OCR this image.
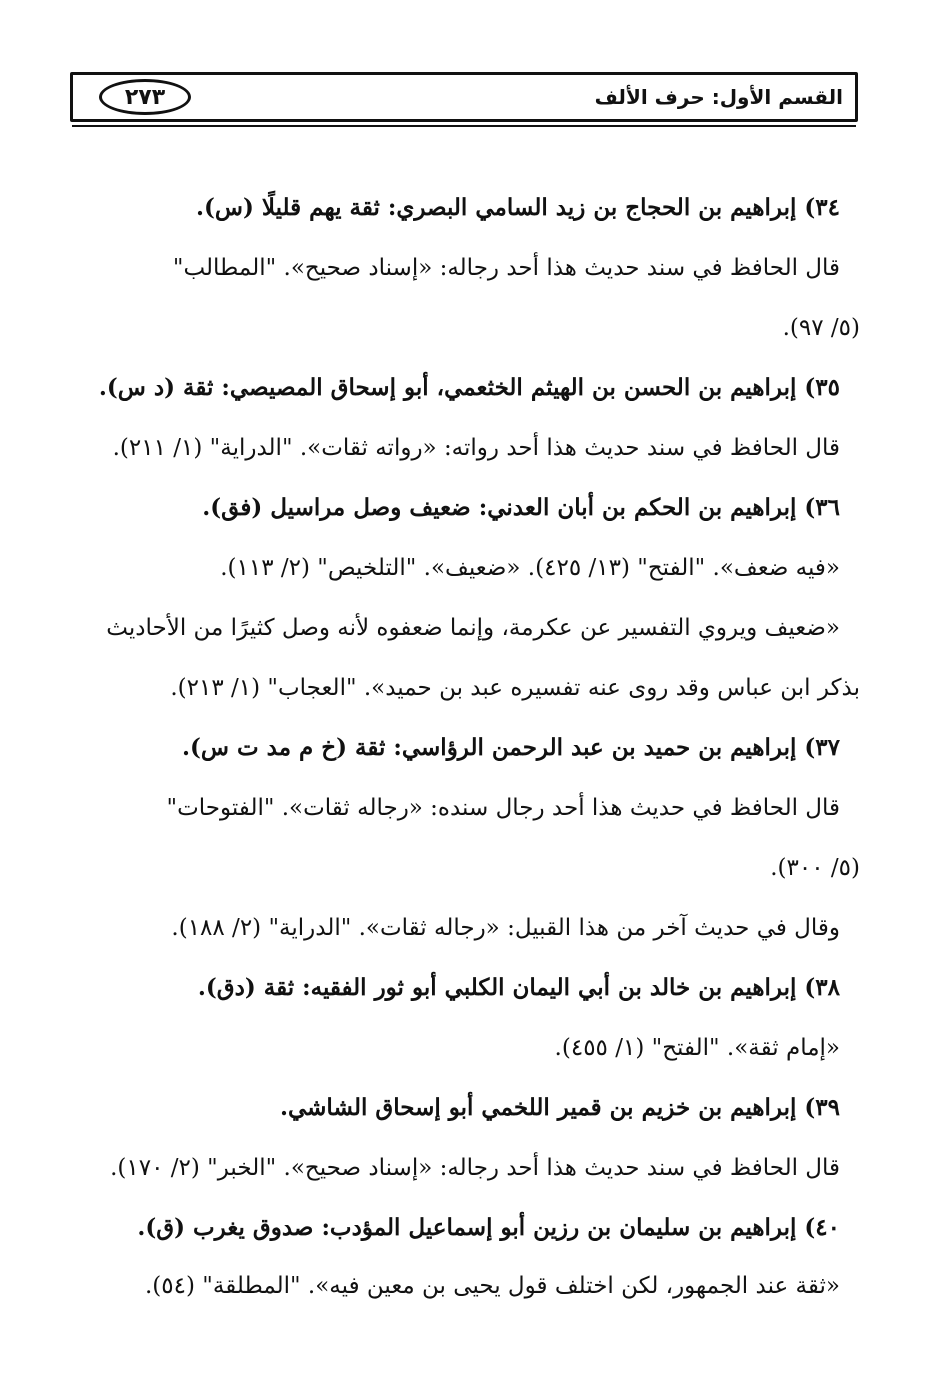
٢٧٣	القسم الأول: حرف الألف
٣٤) إبراهيم بن الحجاج بن زيد السامي البصري: ثقة يهم قليلًا (س).
قال الحافظ في سند حديث هذا أحد رجاله: «إسناد صحيح». "المطالب"
(٥/ ٩٧).
٣٥) إبراهيم بن الحسن بن الهيثم الخثعمي، أبو إسحاق المصيصي: ثقة (د س).
قال الحافظ في سند حديث هذا أحد رواته: «رواته ثقات». "الدراية" (١/ ٢١١).
٣٦) إبراهيم بن الحكم بن أبان العدني: ضعيف وصل مراسيل (فق).
«فيه ضعف». "الفتح" (١٣/ ٤٢٥). «ضعيف». "التلخيص" (٢/ ١١٣).
«ضعيف ويروي التفسير عن عكرمة، وإنما ضعفوه لأنه وصل كثيرًا من الأحاديث
بذكر ابن عباس وقد روى عنه تفسيره عبد بن حميد». "العجاب" (١/ ٢١٣).
٣٧) إبراهيم بن حميد بن عبد الرحمن الرؤاسي: ثقة (خ م مد ت س).
قال الحافظ في حديث هذا أحد رجال سنده: «رجاله ثقات». "الفتوحات"
(٥/ ٣٠٠).
وقال في حديث آخر من هذا القبيل: «رجاله ثقات». "الدراية" (٢/ ١٨٨).
٣٨) إبراهيم بن خالد بن أبي اليمان الكلبي أبو ثور الفقيه: ثقة (دق).
«إمام ثقة». "الفتح" (١/ ٤٥٥).
٣٩) إبراهيم بن خزيم بن قمير اللخمي أبو إسحاق الشاشي.
قال الحافظ في سند حديث هذا أحد رجاله: «إسناد صحيح». "الخبر" (٢/ ١٧٠).
٤٠) إبراهيم بن سليمان بن رزين أبو إسماعيل المؤدب: صدوق يغرب (ق).
«ثقة عند الجمهور، لكن اختلف قول يحيى بن معين فيه». "المطلقة" (٥٤).
